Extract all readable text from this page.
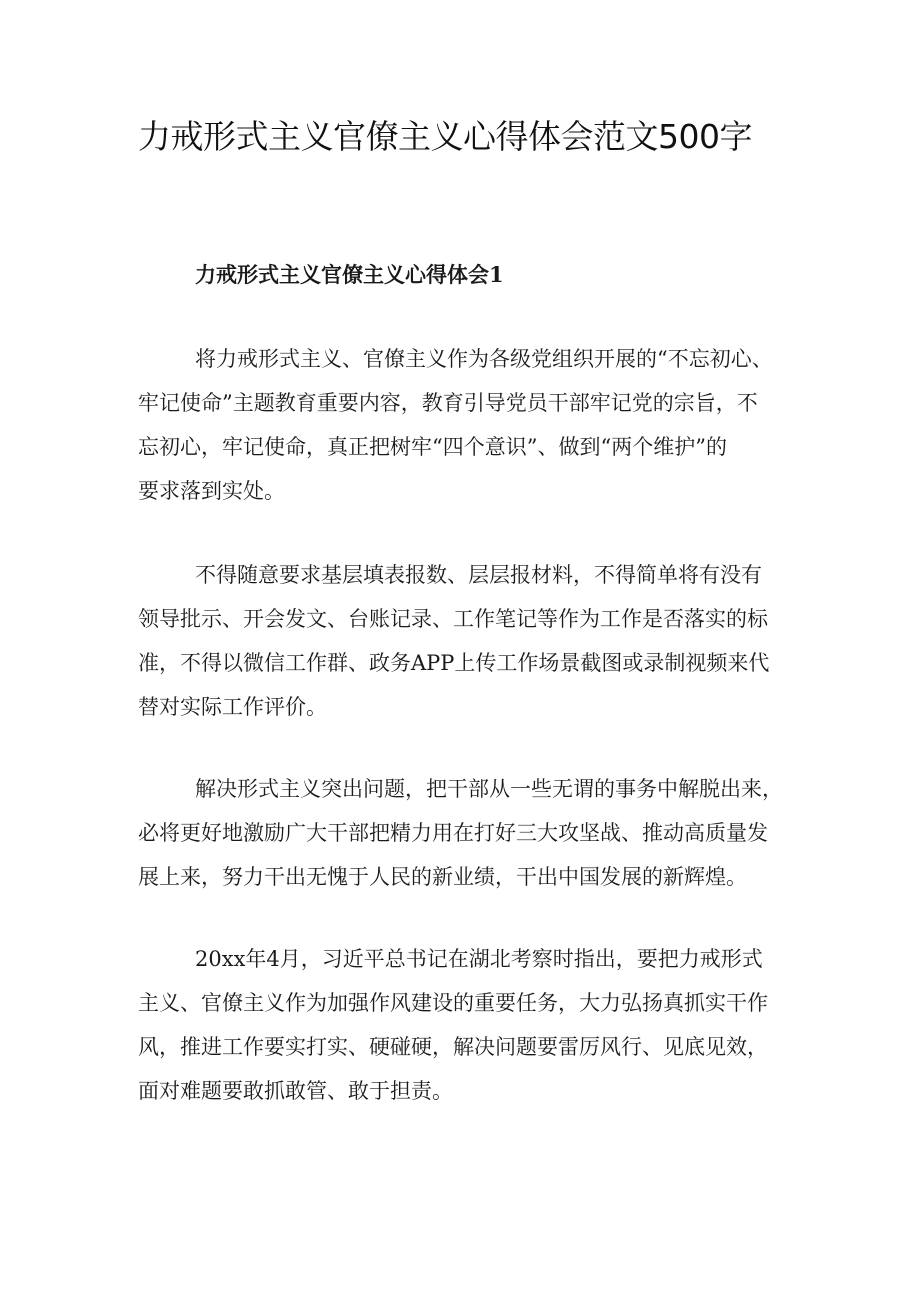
力戒形式主义官僚主义心得体会范文500字
力戒形式主义官僚主义心得体会1
将力戒形式主义、官僚主义作为各级党组织开展的“不忘初心、
牢记使命”主题教育重要内容，教育引导党员干部牢记党的宗旨，不
忘初心，牢记使命，真正把树牢“四个意识”、做到“两个维护”的
要求落到实处。
不得随意要求基层填表报数、层层报材料，不得简单将有没有
领导批示、开会发文、台账记录、工作笔记等作为工作是否落实的标
准，不得以微信工作群、政务APP上传工作场景截图或录制视频来代
替对实际工作评价。
解决形式主义突出问题，把干部从一些无谓的事务中解脱出来，
必将更好地激励广大干部把精力用在打好三大攻坚战、推动高质量发
展上来，努力干出无愧于人民的新业绩，干出中国发展的新辉煌。
20xx年4月，习近平总书记在湖北考察时指出，要把力戒形式
主义、官僚主义作为加强作风建设的重要任务，大力弘扬真抓实干作
风，推进工作要实打实、硬碰硬，解决问题要雷厉风行、见底见效，
面对难题要敢抓敢管、敢于担责。
